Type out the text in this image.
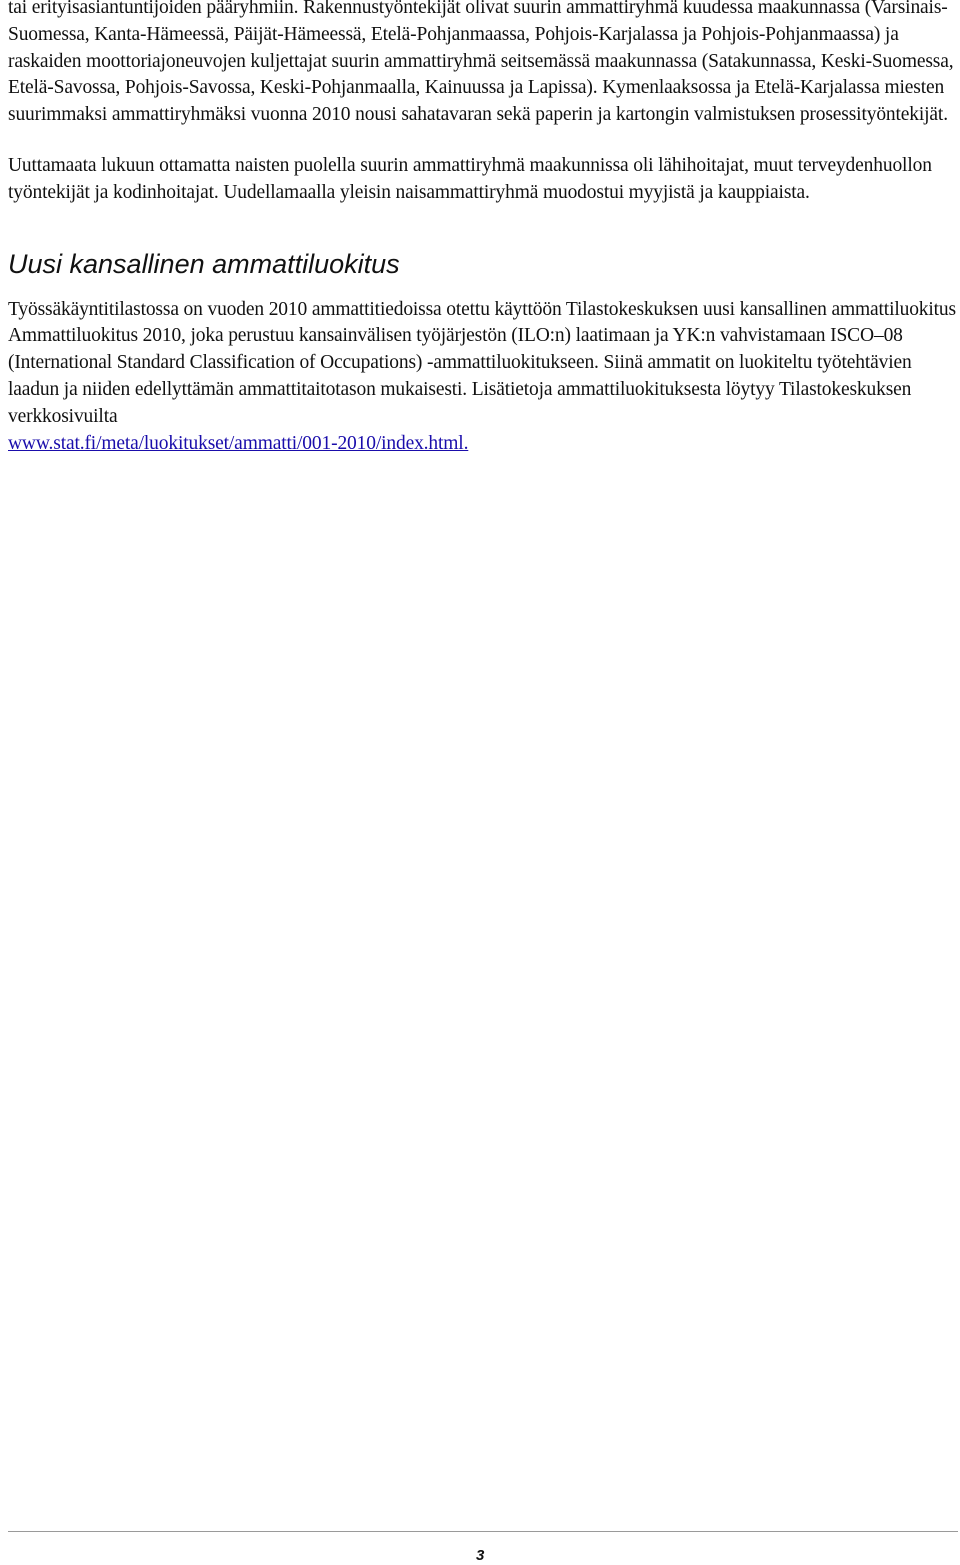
tai erityisasiantuntijoiden pääryhmiin. Rakennustyöntekijät olivat suurin ammattiryhmä kuudessa maakunnassa (Varsinais-Suomessa, Kanta-Hämeessä, Päijät-Hämeessä, Etelä-Pohjanmaassa, Pohjois-Karjalassa ja Pohjois-Pohjanmaassa) ja raskaiden moottoriajoneuvojen kuljettajat suurin ammattiryhmä seitsemässä maakunnassa (Satakunnassa, Keski-Suomessa, Etelä-Savossa, Pohjois-Savossa, Keski-Pohjanmaalla, Kainuussa ja Lapissa). Kymenlaaksossa ja Etelä-Karjalassa miesten suurimmaksi ammattiryhmäksi vuonna 2010 nousi sahatavaran sekä paperin ja kartongin valmistuksen prosessityöntekijät.

Uuttamaata lukuun ottamatta naisten puolella suurin ammattiryhmä maakunnissa oli lähihoitajat, muut terveydenhuollon työntekijät ja kodinhoitajat. Uudellamaalla yleisin naisammattiryhmä muodostui myyjistä ja kauppiaista.

Uusi kansallinen ammattiluokitus

Työssäkäyntitilastossa on vuoden 2010 ammattitiedoissa otettu käyttöön Tilastokeskuksen uusi kansallinen ammattiluokitus Ammattiluokitus 2010, joka perustuu kansainvälisen työjärjestön (ILO:n) laatimaan ja YK:n vahvistamaan ISCO–08 (International Standard Classification of Occupations) -ammattiluokitukseen. Siinä ammatit on luokiteltu työtehtävien laadun ja niiden edellyttämän ammattitaitotason mukaisesti. Lisätietoja ammattiluokituksesta löytyy Tilastokeskuksen verkkosivuilta
www.stat.fi/meta/luokitukset/ammatti/001-2010/index.html.

3
